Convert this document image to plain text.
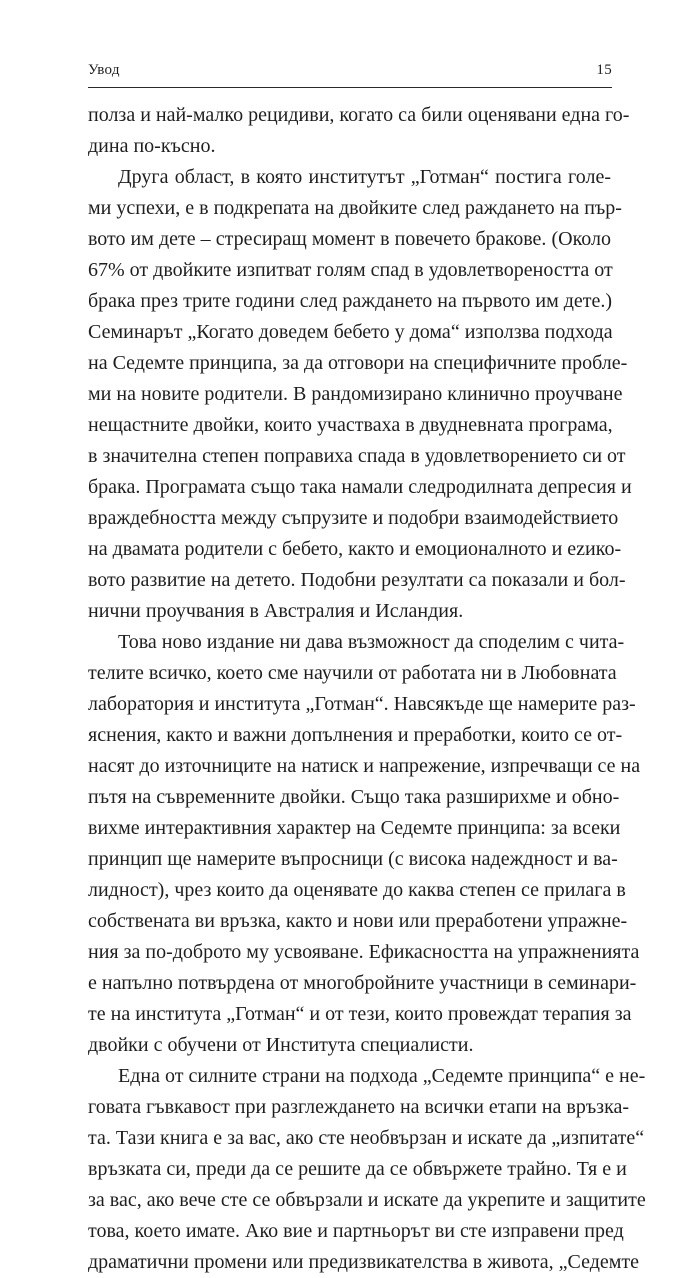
Увод	15
полза и най-малко рецидиви, когато са били оценявани една го-
дина по-късно.
Друга област, в която институтът „Готман“ постига голе-
ми успехи, е в подкрепата на двойките след раждането на пър-
вото им дете – стресиращ момент в повечето бракове. (Около
67% от двойките изпитват голям спад в удовлетвореността от
брака през трите години след раждането на първото им дете.)
Семинарът „Когато доведем бебето у дома“ използва подхода
на Седемте принципа, за да отговори на специфичните пробле-
ми на новите родители. В рандомизирано клинично проучване
нещастните двойки, които участваха в двудневната програма,
в значителна степен поправиха спада в удовлетворението си от
брака. Програмата също така намали следродилната депресия и
враждебността между съпрузите и подобри взаимодействието
на двамата родители с бебето, както и емоционалното и ezико-
вото развитие на детето. Подобни резултати са показали и бол-
нични проучвания в Австралия и Исландия.
Това ново издание ни дава възможност да споделим с чита-
телите всичко, което сме научили от работата ни в Любовната
лаборатория и института „Готман“. Навсякъде ще намерите раз-
яснения, както и важни допълнения и преработки, които се от-
насят до източниците на натиск и напрежение, изпречващи се на
пътя на съвременните двойки. Също така разширихме и обно-
вихме интерактивния характер на Седемте принципа: за всеки
принцип ще намерите въпросници (с висока надеждност и ва-
лидност), чрез които да оценявате до каква степен се прилага в
собствената ви връзка, както и нови или преработени упражне-
ния за по-доброто му усвояване. Ефикасността на упражненията
е напълно потвърдена от многобройните участници в семинари-
те на института „Готман“ и от тези, които провеждат терапия за
двойки с обучени от Института специалисти.
Една от силните страни на подхода „Седемте принципа“ е не-
говата гъвкавост при разглеждането на всички етапи на връзка-
та. Тази книга е за вас, ако сте необвързан и искате да „изпитате“
връзката си, преди да се решите да се обвържете трайно. Тя е и
за вас, ако вече сте се обвързали и искате да укрепите и защитите
това, което имате. Ако вие и партньорът ви сте изправени пред
драматични промени или предизвикателства в живота, „Седемте
